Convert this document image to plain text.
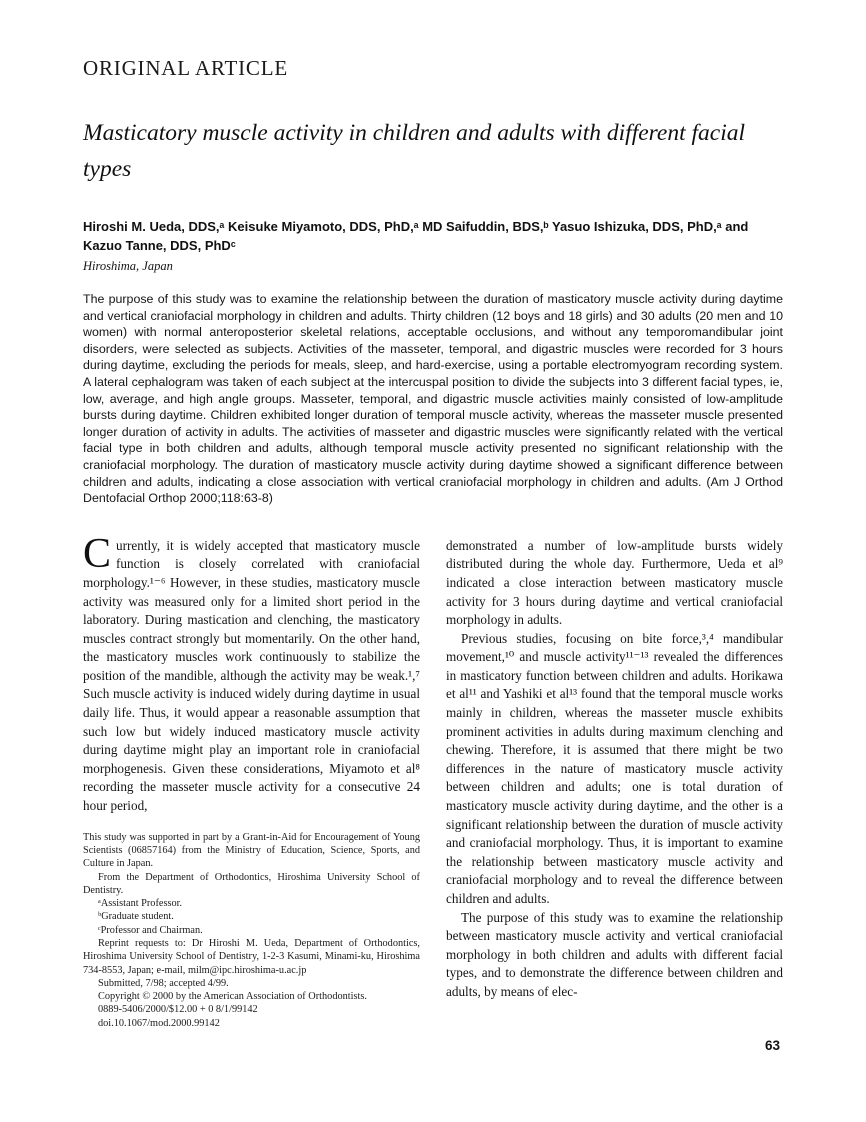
ORIGINAL ARTICLE
Masticatory muscle activity in children and adults with different facial types
Hiroshi M. Ueda, DDS,ᵃ Keisuke Miyamoto, DDS, PhD,ᵃ MD Saifuddin, BDS,ᵇ Yasuo Ishizuka, DDS, PhD,ᵃ and Kazuo Tanne, DDS, PhDᶜ
Hiroshima, Japan
The purpose of this study was to examine the relationship between the duration of masticatory muscle activity during daytime and vertical craniofacial morphology in children and adults. Thirty children (12 boys and 18 girls) and 30 adults (20 men and 10 women) with normal anteroposterior skeletal relations, acceptable occlusions, and without any temporomandibular joint disorders, were selected as subjects. Activities of the masseter, temporal, and digastric muscles were recorded for 3 hours during daytime, excluding the periods for meals, sleep, and hard-exercise, using a portable electromyogram recording system. A lateral cephalogram was taken of each subject at the intercuspal position to divide the subjects into 3 different facial types, ie, low, average, and high angle groups. Masseter, temporal, and digastric muscle activities mainly consisted of low-amplitude bursts during daytime. Children exhibited longer duration of temporal muscle activity, whereas the masseter muscle presented longer duration of activity in adults. The activities of masseter and digastric muscles were significantly related with the vertical facial type in both children and adults, although temporal muscle activity presented no significant relationship with the craniofacial morphology. The duration of masticatory muscle activity during daytime showed a significant difference between children and adults, indicating a close association with vertical craniofacial morphology in children and adults. (Am J Orthod Dentofacial Orthop 2000;118:63-8)

Currently, it is widely accepted that masticatory muscle function is closely correlated with craniofacial morphology.¹⁻⁶ However, in these studies, masticatory muscle activity was measured only for a limited short period in the laboratory. During mastication and clenching, the masticatory muscles contract strongly but momentarily. On the other hand, the masticatory muscles work continuously to stabilize the position of the mandible, although the activity may be weak.¹,⁷ Such muscle activity is induced widely during daytime in usual daily life. Thus, it would appear a reasonable assumption that such low but widely induced masticatory muscle activity during daytime might play an important role in craniofacial morphogenesis. Given these considerations, Miyamoto et al⁸ recording the masseter muscle activity for a consecutive 24 hour period,

This study was supported in part by a Grant-in-Aid for Encouragement of Young Scientists (06857164) from the Ministry of Education, Science, Sports, and Culture in Japan.

From the Department of Orthodontics, Hiroshima University School of Dentistry.

ᵃAssistant Professor.

ᵇGraduate student.

ᶜProfessor and Chairman.

Reprint requests to: Dr Hiroshi M. Ueda, Department of Orthodontics, Hiroshima University School of Dentistry, 1-2-3 Kasumi, Minami-ku, Hiroshima 734-8553, Japan; e-mail, milm@ipc.hiroshima-u.ac.jp

Submitted, 7/98; accepted 4/99.

Copyright © 2000 by the American Association of Orthodontists.

0889-5406/2000/$12.00 + 0 8/1/99142

doi.10.1067/mod.2000.99142

demonstrated a number of low-amplitude bursts widely distributed during the whole day. Furthermore, Ueda et al⁹ indicated a close interaction between masticatory muscle activity for 3 hours during daytime and vertical craniofacial morphology in adults.

Previous studies, focusing on bite force,³,⁴ mandibular movement,¹⁰ and muscle activity¹¹⁻¹³ revealed the differences in masticatory function between children and adults. Horikawa et al¹¹ and Yashiki et al¹³ found that the temporal muscle works mainly in children, whereas the masseter muscle exhibits prominent activities in adults during maximum clenching and chewing. Therefore, it is assumed that there might be two differences in the nature of masticatory muscle activity between children and adults; one is total duration of masticatory muscle activity during daytime, and the other is a significant relationship between the duration of muscle activity and craniofacial morphology. Thus, it is important to examine the relationship between masticatory muscle activity and craniofacial morphology and to reveal the difference between children and adults.

The purpose of this study was to examine the relationship between masticatory muscle activity and vertical craniofacial morphology in both children and adults with different facial types, and to demonstrate the difference between children and adults, by means of elec-

63
